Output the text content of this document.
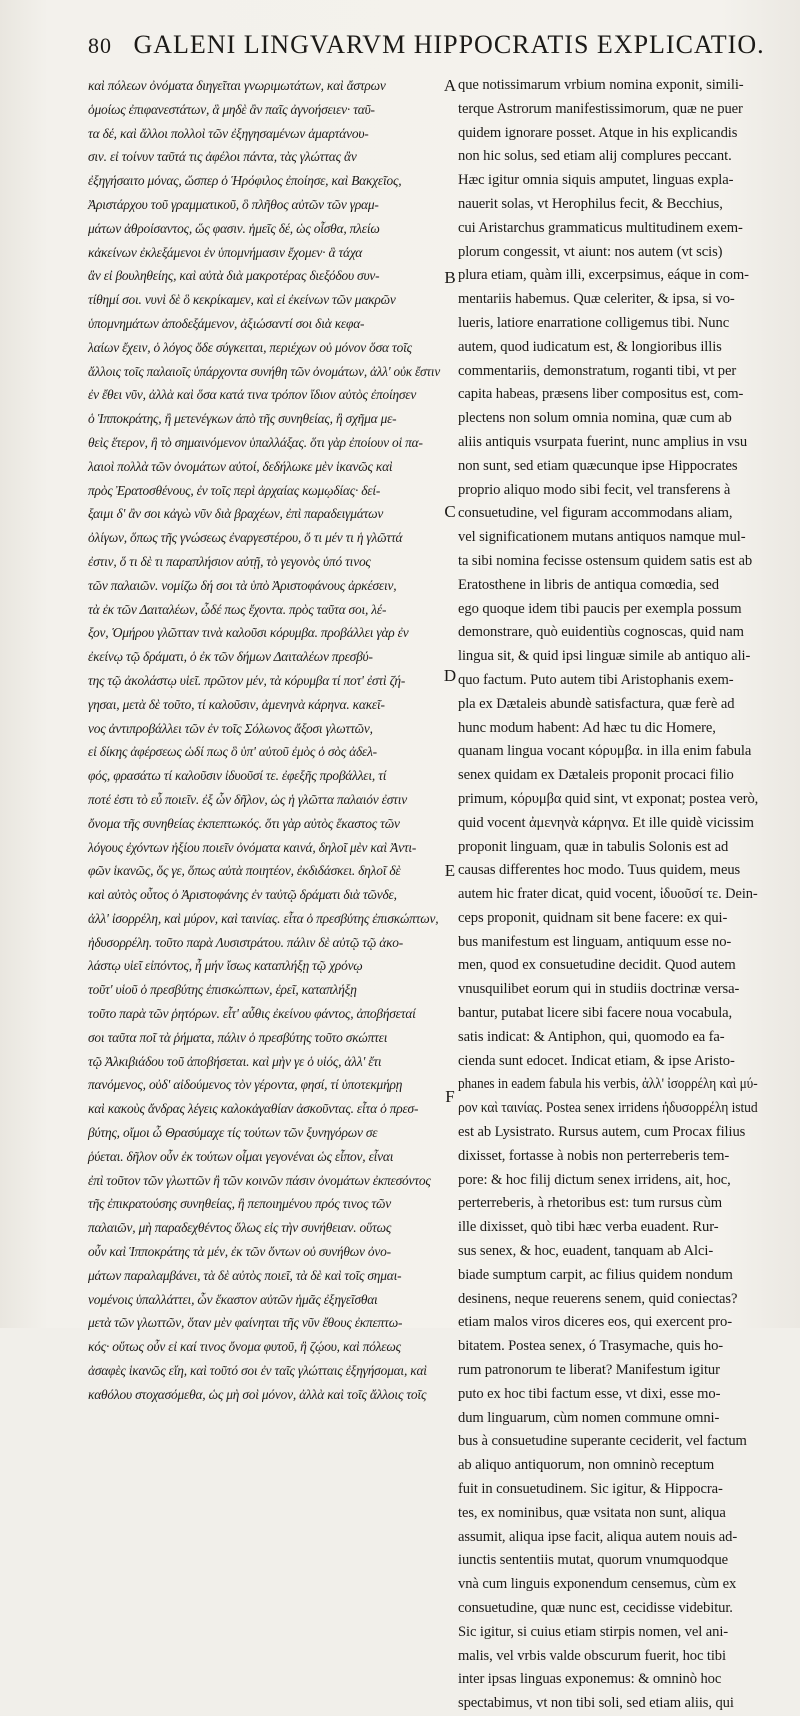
80 GALENI LINGVARVM HIPPOCRATIS EXPLICATIO.
καὶ πόλεων ὀνόματα διηγεῖται γνωριμωτάτων, καὶ ἄστρων
ὁμοίως ἐπιφανεστάτων, ἃ μηδὲ ἂν παῖς ἀγνοήσειεν· ταῦ-
τα δέ, καὶ ἄλλοι πολλοὶ τῶν ἐξηγησαμένων ἁμαρτάνου-
σιν. εἰ τοίνυν ταῦτά τις ἀφέλοι πάντα, τὰς γλώττας ἂν
ἐξηγήσαιτο μόνας, ὥσπερ ὁ Ἡρόφιλος ἐποίησε, καὶ Βακχεῖος,
Ἀριστάρχου τοῦ γραμματικοῦ, ὃ πλῆθος αὐτῶν τῶν γραμ-
μάτων ἀθροίσαντος, ὥς φασιν. ἡμεῖς δέ, ὡς οἶσθα, πλείω
κἀκείνων ἐκλεξάμενοι ἐν ὑπομνήμασιν ἔχομεν· ἃ τάχα
ἂν εἰ βουληθείης, καὶ αὐτὰ διὰ μακροτέρας διεξόδου συν-
τίθημί σοι. νυνὶ δὲ ὃ κεκρίκαμεν, καὶ εἰ ἐκείνων τῶν μακρῶν
ὑπομνημάτων ἀποδεξάμενον, ἀξιώσαντί σοι διὰ κεφα-
λαίων ἔχειν, ὁ λόγος ὅδε σύγκειται, περιέχων οὐ μόνον ὅσα τοῖς
ἄλλοις τοῖς παλαιοῖς ὑπάρχοντα συνήθη τῶν ὀνομάτων, ἀλλ' οὐκ ἔστιν
ἐν ἔθει νῦν, ἀλλὰ καὶ ὅσα κατά τινα τρόπον ἴδιον αὐτὸς ἐποίησεν
ὁ Ἱπποκράτης, ἢ μετενέγκων ἀπὸ τῆς συνηθείας, ἢ σχῆμα με-
θεὶς ἕτερον, ἢ τὸ σημαινόμενον ὑπαλλάξας. ὅτι γὰρ ἐποίουν οἱ πα-
λαιοὶ πολλὰ τῶν ὀνομάτων αὐτοί, δεδήλωκε μὲν ἱκανῶς καὶ
πρὸς Ἐρατοσθένους, ἐν τοῖς περὶ ἀρχαίας κωμῳδίας· δεί-
ξαιμι δ' ἂν σοι κἀγὼ νῦν διὰ βραχέων, ἐπὶ παραδειγμάτων
ὀλίγων, ὅπως τῆς γνώσεως ἐναργεστέρου, ὅ τι μέν τι ἡ γλῶττά
ἐστιν, ὅ τι δὲ τι παραπλήσιον αὐτῇ, τὸ γεγονὸς ὑπό τινος
τῶν παλαιῶν. νομίζω δή σοι τὰ ὑπὸ Ἀριστοφάνους ἀρκέσειν,
τὰ ἐκ τῶν Δαιταλέων, ὧδέ πως ἔχοντα. πρὸς ταῦτα σοι, λέ-
ξον, Ὁμήρου γλῶτταν τινὰ καλοῦσι κόρυμβα. προβάλλει γὰρ ἐν
ἐκείνῳ τῷ δράματι, ὁ ἐκ τῶν δήμων Δαιταλέων πρεσβύ-
της τῷ ἀκολάστῳ υἱεῖ. πρῶτον μέν, τὰ κόρυμβα τί ποτ' ἐστὶ ζή-
γησαι, μετὰ δὲ τοῦτο, τί καλοῦσιν, ἀμενηνὰ κάρηνα. κακεῖ-
νος ἀντιπροβάλλει τῶν ἐν τοῖς Σόλωνος ἄξοσι γλωττῶν,
εἰ δίκης ἀφέρσεως ὡδί πως ὃ ὑπ' αὐτοῦ ἐμὸς ὁ σὸς ἀδελ-
φός, φρασάτω τί καλοῦσιν ἰδυοῦσί τε. ἐφεξῆς προβάλλει, τί
ποτέ ἐστι τὸ εὖ ποιεῖν. ἐξ ὧν δῆλον, ὡς ἡ γλῶττα παλαιόν ἐστιν
ὄνομα τῆς συνηθείας ἐκπεπτωκός. ὅτι γὰρ αὐτὸς ἕκαστος τῶν
λόγους ἐχόντων ἠξίου ποιεῖν ὀνόματα καινά, δηλοῖ μὲν καὶ Ἀντι-
φῶν ἱκανῶς, ὅς γε, ὅπως αὐτὰ ποιητέον, ἐκδιδάσκει. δηλοῖ δὲ
καὶ αὐτὸς οὗτος ὁ Ἀριστοφάνης ἐν ταὐτῷ δράματι διὰ τῶνδε,
ἀλλ' ἰσορρέλη, καὶ μύρον, καὶ ταινίας. εἶτα ὁ πρεσβύτης ἐπισκώπτων,
ἠδυσορρέλη. τοῦτο παρὰ Λυσιστράτου. πάλιν δὲ αὐτῷ τῷ ἀκο-
λάστῳ υἱεῖ εἰπόντος, ἦ μήν ἴσως καταπλήξῃ τῷ χρόνῳ
τοῦτ' υἱοῦ ὁ πρεσβύτης ἐπισκώπτων, ἐρεῖ, καταπλήξῃ
τοῦτο παρὰ τῶν ῥητόρων. εἶτ' αὖθις ἐκείνου φάντος, ἀποβήσεταί
σοι ταῦτα ποῖ τὰ ῥήματα, πάλιν ὁ πρεσβύτης τοῦτο σκώπτει
τῷ Ἀλκιβιάδου τοῦ ἀποβήσεται. καὶ μὴν γε ὁ υἱός, ἀλλ' ἔτι
πανόμενος, οὐδ' αἰδούμενος τὸν γέροντα, φησί, τί ὑποτεκμήρῃ
καὶ κακοὺς ἄνδρας λέγεις καλοκἀγαθίαν ἀσκοῦντας. εἶτα ὁ πρεσ-
βύτης, οἴμοι ὦ Θρασύμαχε τίς τούτων τῶν ξυνηγόρων σε
ῥύεται. δῆλον οὖν ἐκ τούτων οἶμαι γεγονέναι ὡς εἶπον, εἶναι
ἐπὶ τοῦτον τῶν γλωττῶν ἢ τῶν κοινῶν πάσιν ὀνομάτων ἐκπεσόντος
τῆς ἐπικρατούσης συνηθείας, ἢ πεποιημένου πρός τινος τῶν
παλαιῶν, μὴ παραδεχθέντος ὅλως εἰς τὴν συνήθειαν. οὕτως
οὖν καὶ Ἱπποκράτης τὰ μέν, ἐκ τῶν ὄντων οὐ συνήθων ὀνο-
μάτων παραλαμβάνει, τὰ δὲ αὐτὸς ποιεῖ, τὰ δὲ καὶ τοῖς σημαι-
νομένοις ὑπαλλάττει, ὧν ἕκαστον αὐτῶν ἡμᾶς ἐξηγεῖσθαι
μετὰ τῶν γλωττῶν, ὅταν μὲν φαίνηται τῆς νῦν ἔθους ἐκπεπτω-
κός· οὕτως οὖν εἰ καί τινος ὄνομα φυτοῦ, ἢ ζῴου, καὶ πόλεως
ἀσαφὲς ἱκανῶς εἴη, καὶ τοῦτό σοι ἐν ταῖς γλώτταις ἐξηγήσομαι, καὶ
καθόλου στοχασόμεθα, ὡς μὴ σοὶ μόνον, ἀλλὰ καὶ τοῖς ἄλλοις τοῖς
que notissimarum vrbium nomina exponit, simili-
terque Astrorum manifestissimorum, quæ ne puer
quidem ignorare posset. Atque in his explicandis
non hic solus, sed etiam alij complures peccant.
Hæc igitur omnia siquis amputet, linguas expla-
nauerit solas, vt Herophilus fecit, & Becchius,
cui Aristarchus grammaticus multitudinem exem-
plorum congessit, vt aiunt: nos autem (vt scis)
plura etiam, quàm illi, excerpsimus, eáque in com-
mentariis habemus. Quæ celeriter, & ipsa, si vo-
lueris, latiore enarratione colligemus tibi. Nunc
autem, quod iudicatum est, & longioribus illis
commentariis, demonstratum, roganti tibi, vt per
capita habeas, præsens liber compositus est, com-
plectens non solum omnia nomina, quæ cum ab
aliis antiquis vsurpata fuerint, nunc amplius in vsu
non sunt, sed etiam quæcunque ipse Hippocrates
proprio aliquo modo sibi fecit, vel transferens à
consuetudine, vel figuram accommodans aliam,
vel significationem mutans antiquos namque mul-
ta sibi nomina fecisse ostensum quidem satis est ab
Eratosthene in libris de antiqua comœdia, sed
ego quoque idem tibi paucis per exempla possum
demonstrare, quò euidentiùs cognoscas, quid nam
lingua sit, & quid ipsi linguæ simile ab antiquo ali-
quo factum. Puto autem tibi Aristophanis exem-
pla ex Dætaleis abundè satisfactura, quæ ferè ad
hunc modum habent: Ad hæc tu dic Homere,
quanam lingua vocant κόρυμβα. in illa enim fabula
senex quidam ex Dætaleis proponit procaci filio
primum, κόρυμβα quid sint, vt exponat; postea verò,
quid vocent ἀμενηνὰ κάρηνα. Et ille quidè vicissim
proponit linguam, quæ in tabulis Solonis est ad
causas differentes hoc modo. Tuus quidem, meus
autem hic frater dicat, quid vocent, ἰδυοῦσί τε. Dein-
ceps proponit, quidnam sit bene facere: ex qui-
bus manifestum est linguam, antiquum esse no-
men, quod ex consuetudine decidit. Quod autem
vnusquilibet eorum qui in studiis doctrinæ versa-
bantur, putabat licere sibi facere noua vocabula,
satis indicat: & Antiphon, qui, quomodo ea fa-
cienda sunt edocet. Indicat etiam, & ipse Aristo-
phanes in eadem fabula his verbis, ἀλλ' ἰσορρέλη καὶ μύ-
ρον καὶ ταινίας. Postea senex irridens ἠδυσορρέλη istud
est ab Lysistrato. Rursus autem, cum Procax filius
dixisset, fortasse à nobis non perterreberis tem-
pore: & hoc filij dictum senex irridens, ait, hoc,
perterreberis, à rhetoribus est: tum rursus cùm
ille dixisset, quò tibi hæc verba euadent. Rur-
sus senex, & hoc, euadent, tanquam ab Alci-
biade sumptum carpit, ac filius quidem nondum
desinens, neque reuerens senem, quid coniectas?
etiam malos viros diceres eos, qui exercent pro-
bitatem. Postea senex, ó Trasymache, quis ho-
rum patronorum te liberat? Manifestum igitur
puto ex hoc tibi factum esse, vt dixi, esse mo-
dum linguarum, cùm nomen commune omni-
bus à consuetudine superante ceciderit, vel factum
ab aliquo antiquorum, non omninò receptum
fuit in consuetudinem. Sic igitur, & Hippocra-
tes, ex nominibus, quæ vsitata non sunt, aliqua
assumit, aliqua ipse facit, aliqua autem nouis ad-
iunctis sententiis mutat, quorum vnumquodque
vnà cum linguis exponendum censemus, cùm ex
consuetudine, quæ nunc est, cecidisse videbitur.
Sic igitur, si cuius etiam stirpis nomen, vel ani-
malis, vel vrbis valde obscurum fuerit, hoc tibi
inter ipsas linguas exponemus: & omninò hoc
spectabimus, vt non tibi soli, sed etiam aliis, qui
A
B
C
D
E
F
